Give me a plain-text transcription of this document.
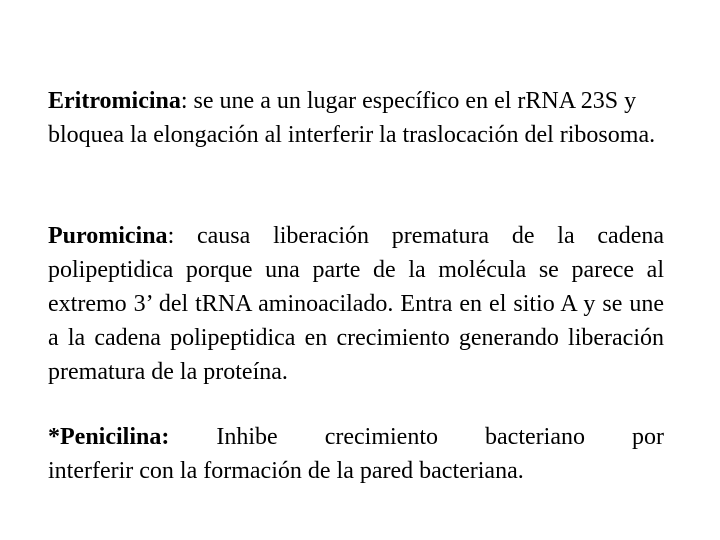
Eritromicina: se une a un lugar específico en el rRNA 23S y bloquea la elongación al interferir la traslocación del ribosoma.

Puromicina: causa liberación prematura de la cadena polipeptidica porque una parte de la molécula se parece al extremo 3’ del tRNA aminoacilado. Entra en el sitio A y se une a la cadena polipeptidica en crecimiento generando liberación prematura de la proteína.

*Penicilina: Inhibe crecimiento bacteriano por
interferir con la formación de la pared bacteriana.
